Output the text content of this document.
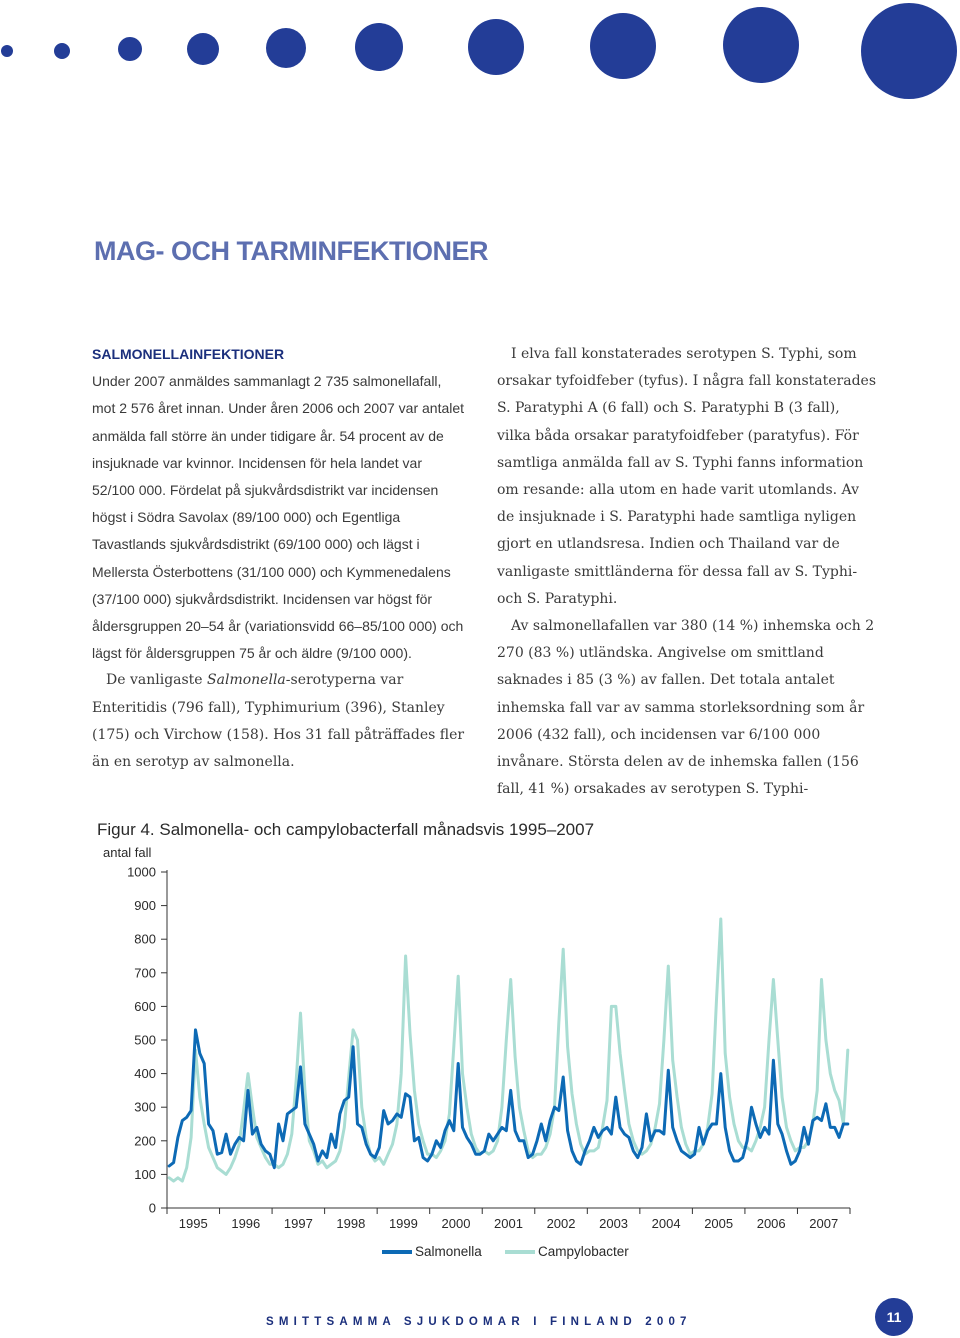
MAG- OCH TARMINFEKTIONER
SALMONELLAINFEKTIONER

Under 2007 anmäldes sammanlagt 2 735 salmonellafall, mot 2 576 året innan. Under åren 2006 och 2007 var antalet anmälda fall större än under tidigare år. 54 procent av de insjuknade var kvinnor. Incidensen för hela landet var 52/100 000. Fördelat på sjukvårdsdistrikt var incidensen högst i Södra Savolax (89/100 000) och Egentliga Tavastlands sjukvårdsdistrikt (69/100 000) och lägst i Mellersta Österbottens (31/100 000) och Kymmenedalens (37/100 000) sjukvårdsdistrikt. Incidensen var högst för åldersgruppen 20–54 år (variationsvidd 66–85/100 000) och lägst för åldersgruppen 75 år och äldre (9/100 000).

De vanligaste Salmonella-serotyperna var Enteritidis (796 fall), Typhimurium (396), Stanley (175) och Virchow (158). Hos 31 fall påträffades fler än en serotyp av salmonella.

I elva fall konstaterades serotypen S. Typhi, som orsakar tyfoidfeber (tyfus). I några fall konstaterades S. Paratyphi A (6 fall) och S. Paratyphi B (3 fall), vilka båda orsakar paratyfoidfeber (paratyfus). För samtliga anmälda fall av S. Typhi fanns information om resande: alla utom en hade varit utomlands. Av de insjuknade i S. Paratyphi hade samtliga nyligen gjort en utlandsresa. Indien och Thailand var de vanligaste smittländerna för dessa fall av S. Typhi- och S. Paratyphi.

Av salmonellafallen var 380 (14 %) inhemska och 2 270 (83 %) utländska. Angivelse om smittland saknades i 85 (3 %) av fallen. Det totala antalet inhemska fall var av samma storleksordning som år 2006 (432 fall), och incidensen var 6/100 000 invånare. Största delen av de inhemska fallen (156 fall, 41 %) orsakades av serotypen S. Typhi-

Figur 4. Salmonella- och campylobacterfall månadsvis 1995–2007
antal fall
0
100
200
300
400
500
600
700
800
900
1000
1995 1996 1997 1998 1999 2000 2001 2002 2003 2004 2005 2006 2007
Salmonella	Campylobacter
SMITTSAMMA SJUKDOMAR I FINLAND 2007	11
